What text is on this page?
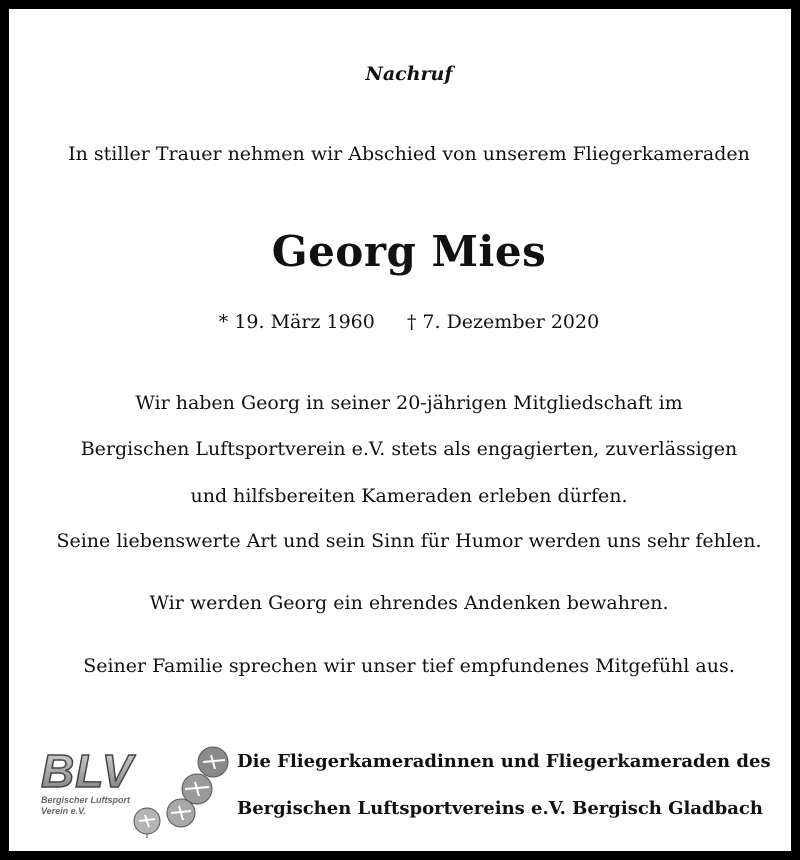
Nachruf
In stiller Trauer nehmen wir Abschied von unserem Fliegerkameraden
Georg Mies
* 19. März 1960 † 7. Dezember 2020
Wir haben Georg in seiner 20-jährigen Mitgliedschaft im
Bergischen Luftsportverein e.V. stets als engagierten, zuverlässigen
und hilfsbereiten Kameraden erleben dürfen.
Seine liebenswerte Art und sein Sinn für Humor werden uns sehr fehlen.
Wir werden Georg ein ehrendes Andenken bewahren.
Seiner Familie sprechen wir unser tief empfundenes Mitgefühl aus.
BLV
Bergischer Luftsport
Verein e.V.
Die Fliegerkameradinnen und Fliegerkameraden des
Bergischen Luftsportvereins e.V. Bergisch Gladbach
